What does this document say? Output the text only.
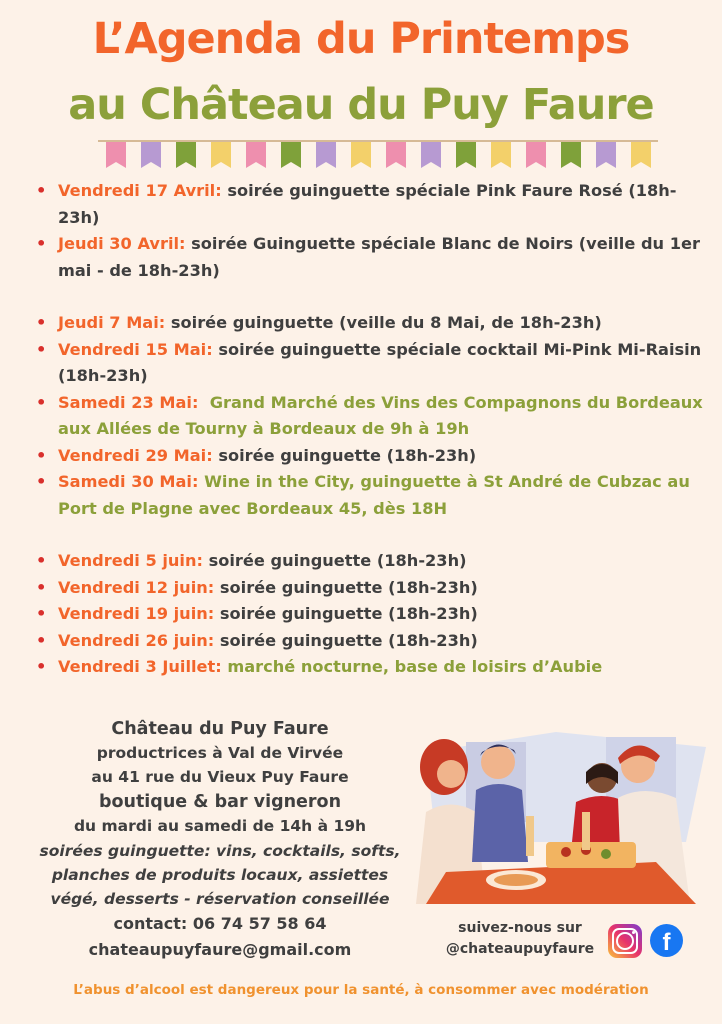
L’Agenda du Printemps
au Château du Puy Faure
• Vendredi 17 Avril: soirée guinguette spéciale Pink Faure Rosé (18h-23h)
• Jeudi 30 Avril: soirée Guinguette spéciale Blanc de Noirs (veille du 1er mai - de 18h-23h)
• Jeudi 7 Mai: soirée guinguette (veille du 8 Mai, de 18h-23h)
• Vendredi 15 Mai: soirée guinguette spéciale cocktail Mi-Pink Mi-Raisin (18h-23h)
• Samedi 23 Mai:  Grand Marché des Vins des Compagnons du Bordeaux aux Allées de Tourny à Bordeaux de 9h à 19h
• Vendredi 29 Mai: soirée guinguette (18h-23h)
• Samedi 30 Mai: Wine in the City, guinguette à St André de Cubzac au Port de Plagne avec Bordeaux 45, dès 18H
• Vendredi 5 juin: soirée guinguette (18h-23h)
• Vendredi 12 juin: soirée guinguette (18h-23h)
• Vendredi 19 juin: soirée guinguette (18h-23h)
• Vendredi 26 juin: soirée guinguette (18h-23h)
• Vendredi 3 Juillet: marché nocturne, base de loisirs d’Aubie
Château du Puy Faure
productrices à Val de Virvée
au 41 rue du Vieux Puy Faure
boutique & bar vigneron
du mardi au samedi de 14h à 19h
soirées guinguette: vins, cocktails, softs,
planches de produits locaux, assiettes
végé, desserts - réservation conseillée
contact: 06 74 57 58 64
chateaupuyfaure@gmail.com
suivez-nous sur
@chateaupuyfaure	f
L’abus d’alcool est dangereux pour la santé, à consommer avec modération
